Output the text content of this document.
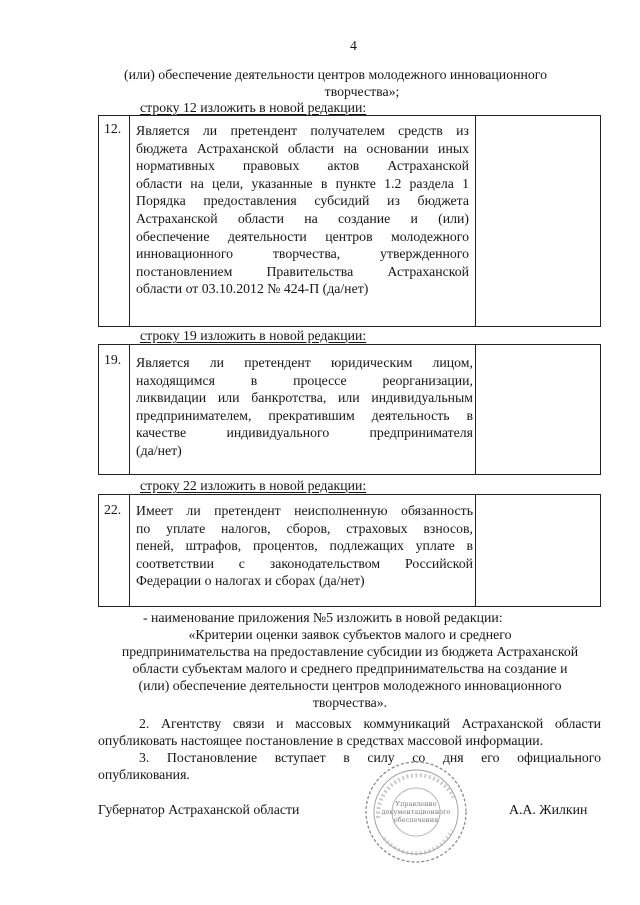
4
(или) обеспечение деятельности центров молодежного инновационного
творчества»;
строку 12 изложить в новой редакции:
12. Является ли претендент получателем средств из
бюджета Астраханской области на основании иных
нормативных правовых актов Астраханской
области на цели, указанные в пункте 1.2 раздела 1
Порядка предоставления субсидий из бюджета
Астраханской области на создание и (или)
обеспечение деятельности центров молодежного
инновационного творчества, утвержденного
постановлением Правительства Астраханской
области от 03.10.2012 № 424-П (да/нет)
строку 19 изложить в новой редакции:
19. Является ли претендент юридическим лицом,
находящимся в процессе реорганизации,
ликвидации или банкротства, или индивидуальным
предпринимателем, прекратившим деятельность в
качестве индивидуального предпринимателя
(да/нет)
строку 22 изложить в новой редакции:
22. Имеет ли претендент неисполненную обязанность
по уплате налогов, сборов, страховых взносов,
пеней, штрафов, процентов, подлежащих уплате в
соответствии с законодательством Российской
Федерации о налогах и сборах (да/нет)
- наименование приложения №5 изложить в новой редакции:
«Критерии оценки заявок субъектов малого и среднего
предпринимательства на предоставление субсидии из бюджета Астраханской
области субъектам малого и среднего предпринимательства на создание и
(или) обеспечение деятельности центров молодежного инновационного
творчества».
2. Агентству связи и массовых коммуникаций Астраханской области
опубликовать настоящее постановление в средствах массовой информации.
3. Постановление вступает в силу со дня его официального
опубликования.
Управление
документационного
обеспечения
Губернатор Астраханской области	А.А. Жилкин
